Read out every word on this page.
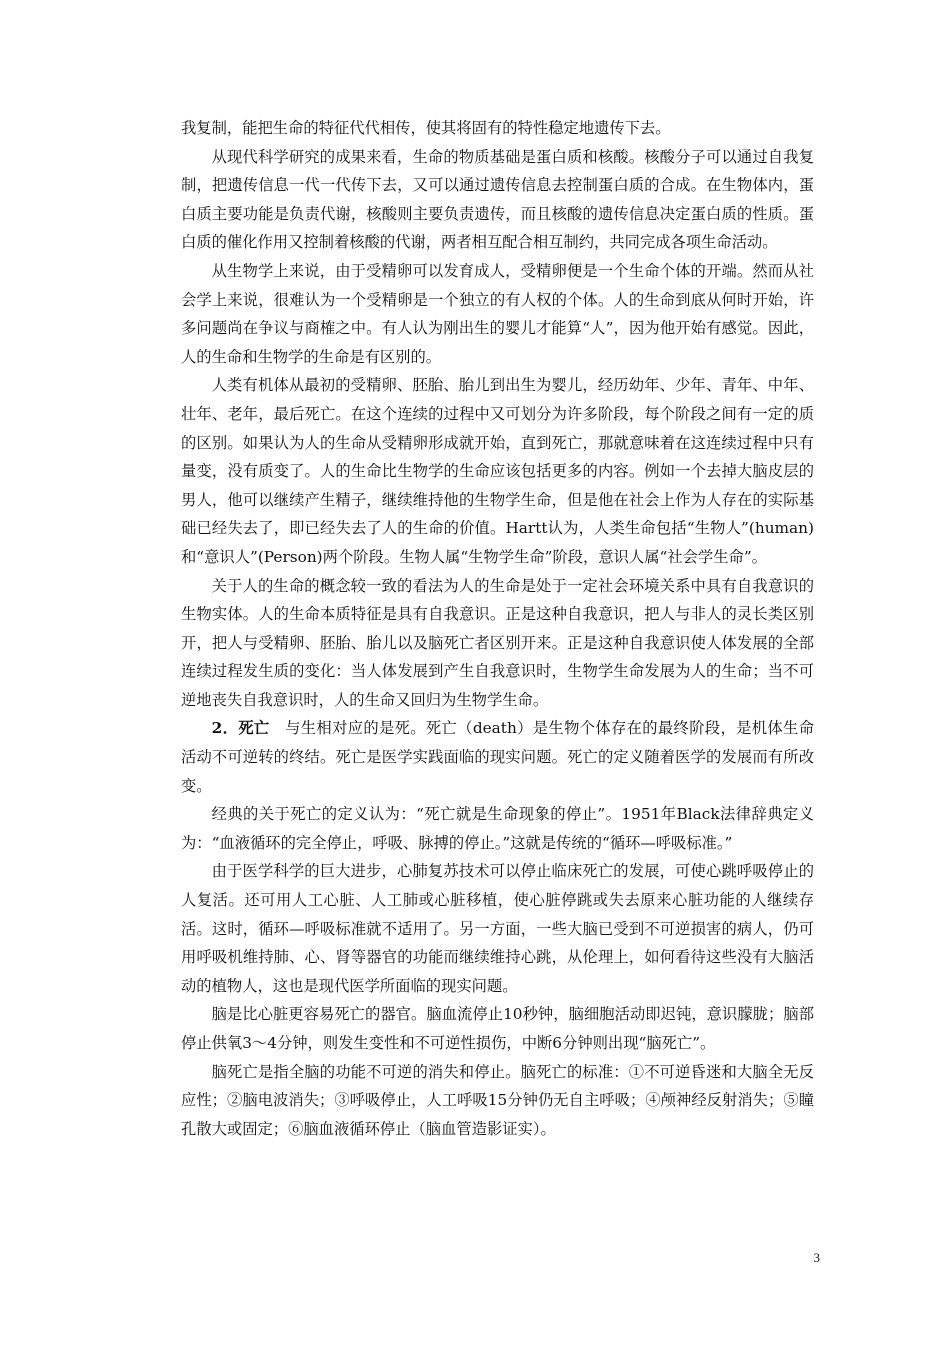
我复制，能把生命的特征代代相传，使其将固有的特性稳定地遗传下去。

从现代科学研究的成果来看，生命的物质基础是蛋白质和核酸。核酸分子可以通过自我复制，把遗传信息一代一代传下去，又可以通过遗传信息去控制蛋白质的合成。在生物体内，蛋白质主要功能是负责代谢，核酸则主要负责遗传，而且核酸的遗传信息决定蛋白质的性质。蛋白质的催化作用又控制着核酸的代谢，两者相互配合相互制约，共同完成各项生命活动。

从生物学上来说，由于受精卵可以发育成人，受精卵便是一个生命个体的开端。然而从社会学上来说，很难认为一个受精卵是一个独立的有人权的个体。人的生命到底从何时开始，许多问题尚在争议与商榷之中。有人认为刚出生的婴儿才能算“人”，因为他开始有感觉。因此，人的生命和生物学的生命是有区别的。

人类有机体从最初的受精卵、胚胎、胎儿到出生为婴儿，经历幼年、少年、青年、中年、壮年、老年，最后死亡。在这个连续的过程中又可划分为许多阶段，每个阶段之间有一定的质的区别。如果认为人的生命从受精卵形成就开始，直到死亡，那就意味着在这连续过程中只有量变，没有质变了。人的生命比生物学的生命应该包括更多的内容。例如一个去掉大脑皮层的男人，他可以继续产生精子，继续维持他的生物学生命，但是他在社会上作为人存在的实际基础已经失去了，即已经失去了人的生命的价值。Hartt认为，人类生命包括“生物人”(human)和“意识人”(Person)两个阶段。生物人属“生物学生命”阶段，意识人属“社会学生命”。

关于人的生命的概念较一致的看法为人的生命是处于一定社会环境关系中具有自我意识的生物实体。人的生命本质特征是具有自我意识。正是这种自我意识，把人与非人的灵长类区别开，把人与受精卵、胚胎、胎儿以及脑死亡者区别开来。正是这种自我意识使人体发展的全部连续过程发生质的变化：当人体发展到产生自我意识时，生物学生命发展为人的生命；当不可逆地丧失自我意识时，人的生命又回归为生物学生命。

2．死亡 与生相对应的是死。死亡（death）是生物个体存在的最终阶段，是机体生命活动不可逆转的终结。死亡是医学实践面临的现实问题。死亡的定义随着医学的发展而有所改变。

经典的关于死亡的定义认为：“死亡就是生命现象的停止”。1951年Black法律辞典定义为：“血液循环的完全停止，呼吸、脉搏的停止。”这就是传统的“循环—呼吸标准。”

由于医学科学的巨大进步，心肺复苏技术可以停止临床死亡的发展，可使心跳呼吸停止的人复活。还可用人工心脏、人工肺或心脏移植，使心脏停跳或失去原来心脏功能的人继续存活。这时，循环—呼吸标准就不适用了。另一方面，一些大脑已受到不可逆损害的病人，仍可用呼吸机维持肺、心、肾等器官的功能而继续维持心跳，从伦理上，如何看待这些没有大脑活动的植物人，这也是现代医学所面临的现实问题。

脑是比心脏更容易死亡的器官。脑血流停止10秒钟，脑细胞活动即迟钝，意识朦胧；脑部停止供氧3～4分钟，则发生变性和不可逆性损伤，中断6分钟则出现“脑死亡”。

脑死亡是指全脑的功能不可逆的消失和停止。脑死亡的标准：①不可逆昏迷和大脑全无反应性；②脑电波消失；③呼吸停止，人工呼吸15分钟仍无自主呼吸；④颅神经反射消失；⑤瞳孔散大或固定；⑥脑血液循环停止（脑血管造影证实）。

3
